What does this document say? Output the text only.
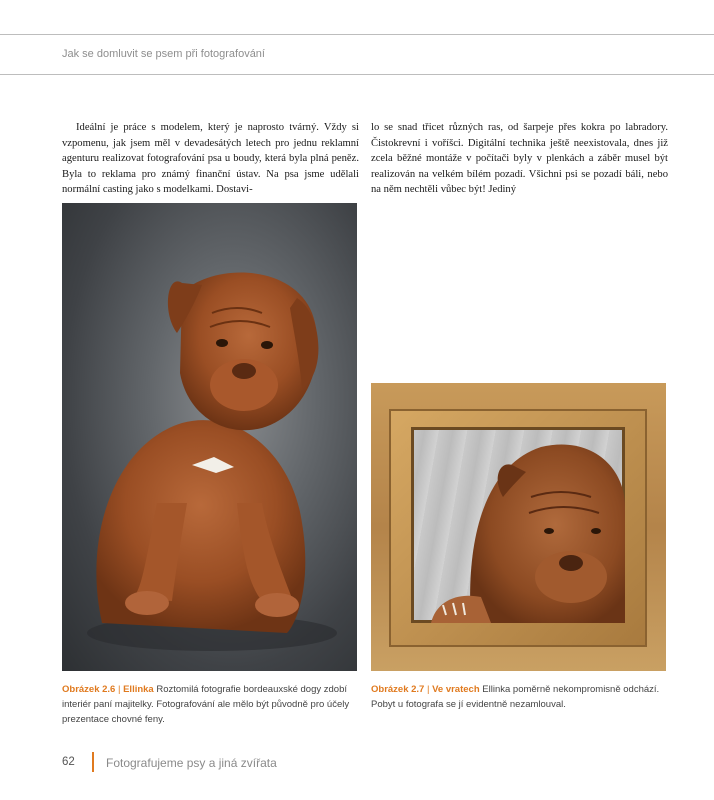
Jak se domluvit se psem při fotografování

Ideální je práce s modelem, který je naprosto tvárný. Vždy si vzpomenu, jak jsem měl v devadesátých letech pro jednu reklamní agenturu realizovat fotografování psa u boudy, která byla plná peněz. Byla to reklama pro známý finanční ústav. Na psa jsme udělali normální casting jako s modelkami. Dostavi-

lo se snad třicet různých ras, od šarpeje přes kokra po labradory. Čistokrevní i voříšci. Digitální technika ještě neexistovala, dnes již zcela běžné montáže v počítači byly v plenkách a záběr musel být realizován na velkém bílém pozadí. Všichni psi se pozadí báli, nebo na něm nechtěli vůbec být! Jediný

Obrázek 2.6 | Ellinka Roztomilá fotografie bordeauxské dogy zdobí interiér paní majitelky. Fotografování ale mělo být původně pro účely prezentace chovné feny.
Obrázek 2.7 | Ve vratech Ellinka poměrně nekompromisně odchází. Pobyt u fotografa se jí evidentně nezamlouval.
62	Fotografujeme psy a jiná zvířata
